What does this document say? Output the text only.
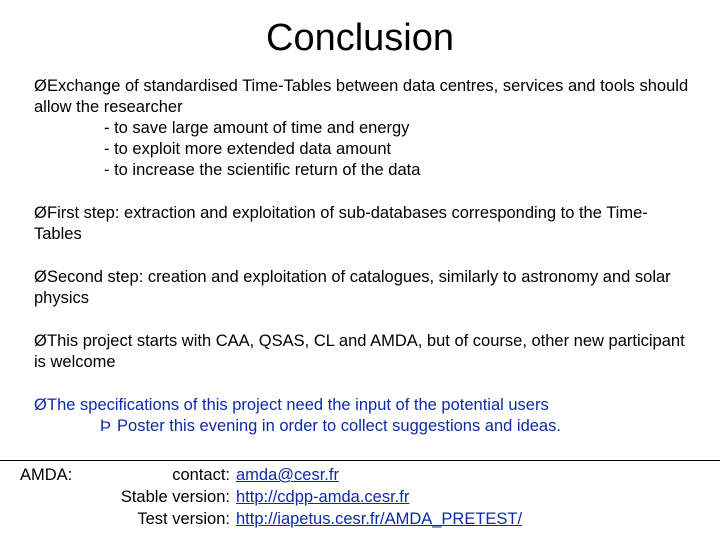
Conclusion
ØExchange of standardised Time-Tables between data centres, services and tools should allow the researcher
- to save large amount of time and energy
- to exploit more extended data amount
- to increase the scientific return of the data
ØFirst step: extraction and exploitation of sub-databases corresponding to the Time-Tables
ØSecond step: creation and exploitation of catalogues, similarly to astronomy and solar physics
ØThis project starts with CAA, QSAS, CL and AMDA, but of course, other new participant is welcome
ØThe specifications of this project need the input of the potential users
Þ Poster this evening in order to collect suggestions and ideas.
AMDA:	contact: amda@cesr.fr
Stable version: http://cdpp-amda.cesr.fr
Test version: http://iapetus.cesr.fr/AMDA_PRETEST/
